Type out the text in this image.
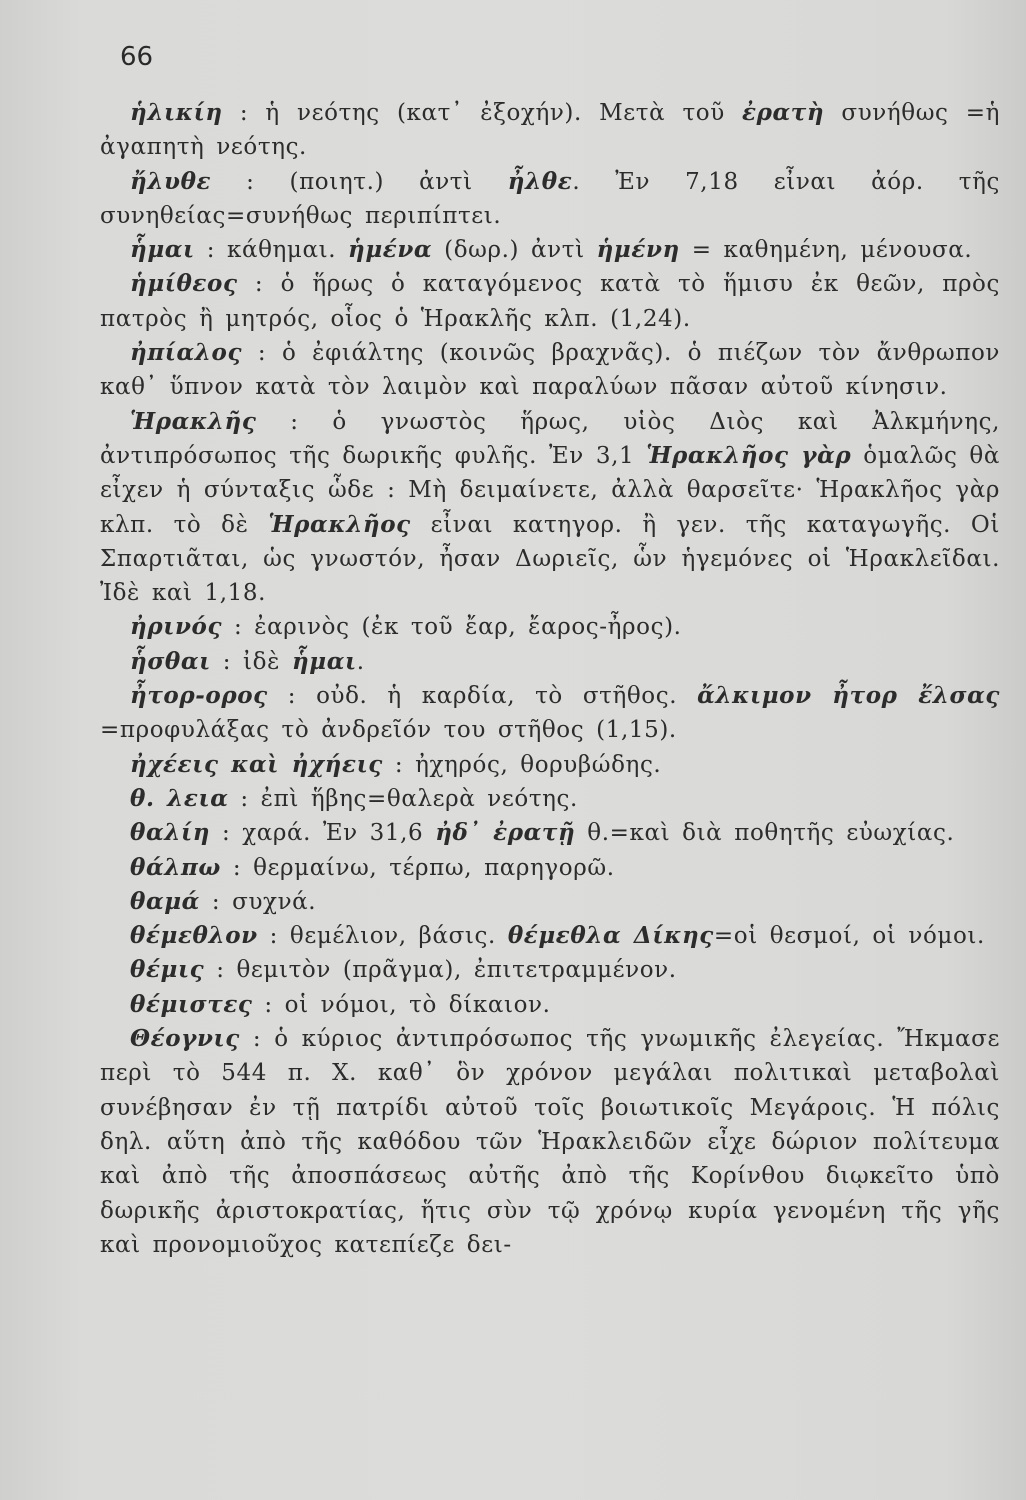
66

ἡλικίη : ἡ νεότης (κατ᾽ ἐξοχήν). Μετὰ τοῦ ἐρατὴ συνήθως =ἡ ἀγαπητὴ νεότης.

ἤλυθε : (ποιητ.) ἀντὶ ἦλθε. Ἐν 7,18 εἶναι ἀόρ. τῆς συνηθείας=συνήθως περιπίπτει.

ἧμαι : κάθημαι. ἡμένα (δωρ.) ἀντὶ ἡμένη = καθημένη, μένουσα.

ἡμίθεος : ὁ ἥρως ὁ καταγόμενος κατὰ τὸ ἥμισυ ἐκ θεῶν, πρὸς πατρὸς ἢ μητρός, οἷος ὁ Ἡρακλῆς κλπ. (1,24).

ἠπίαλος : ὁ ἐφιάλτης (κοινῶς βραχνᾶς). ὁ πιέζων τὸν ἄνθρωπον καθ᾽ ὕπνον κατὰ τὸν λαιμὸν καὶ παραλύων πᾶσαν αὐτοῦ κίνησιν.

Ἡρακλῆς : ὁ γνωστὸς ἥρως, υἱὸς Διὸς καὶ Ἀλκμήνης, ἀντιπρόσωπος τῆς δωρικῆς φυλῆς. Ἐν 3,1 Ἡρακλῆος γὰρ ὁμαλῶς θὰ εἶχεν ἡ σύνταξις ὧδε : Μὴ δειμαίνετε, ἀλλὰ θαρσεῖτε· Ἡρακλῆος γὰρ κλπ. τὸ δὲ Ἡρακλῆος εἶναι κατηγορ. ἢ γεν. τῆς καταγωγῆς. Οἱ Σπαρτιᾶται, ὡς γνωστόν, ἦσαν Δωριεῖς, ὧν ἡγεμόνες οἱ Ἡρακλεῖδαι. Ἰδὲ καὶ 1,18.

ἠρινός : ἐαρινὸς (ἐκ τοῦ ἔαρ, ἔαρος-ἦρος).

ἧσθαι : ἰδὲ ἧμαι.

ἦτορ-ορος : οὐδ. ἡ καρδία, τὸ στῆθος. ἄλκιμον ἦτορ ἔλσας =προφυλάξας τὸ ἀνδρεῖόν του στῆθος (1,15).

ἠχέεις καὶ ἠχήεις : ἠχηρός, θορυβώδης.

θ. λεια : ἐπὶ ἥβης=θαλερὰ νεότης.

θαλίη : χαρά. Ἐν 31,6 ἠδ᾽ ἐρατῇ θ.=καὶ διὰ ποθητῆς εὐωχίας.

θάλπω : θερμαίνω, τέρπω, παρηγορῶ.

θαμά : συχνά.

θέμεθλον : θεμέλιον, βάσις. θέμεθλα Δίκης=οἱ θεσμοί, οἱ νόμοι.

θέμις : θεμιτὸν (πρᾶγμα), ἐπιτετραμμένον.

θέμιστες : οἱ νόμοι, τὸ δίκαιον.

Θέογνις : ὁ κύριος ἀντιπρόσωπος τῆς γνωμικῆς ἐλεγείας. Ἤκμασε περὶ τὸ 544 π. Χ. καθ᾽ ὃν χρόνον μεγάλαι πολιτικαὶ μεταβολαὶ συνέβησαν ἐν τῇ πατρίδι αὐτοῦ τοῖς βοιωτικοῖς Μεγάροις. Ἡ πόλις δηλ. αὕτη ἀπὸ τῆς καθόδου τῶν Ἡρακλειδῶν εἶχε δώριον πολίτευμα καὶ ἀπὸ τῆς ἀποσπάσεως αὐτῆς ἀπὸ τῆς Κορίνθου διῳκεῖτο ὑπὸ δωρικῆς ἀριστοκρατίας, ἥτις σὺν τῷ χρόνῳ κυρία γενομένη τῆς γῆς καὶ προνομιοῦχος κατεπίεζε δει-
